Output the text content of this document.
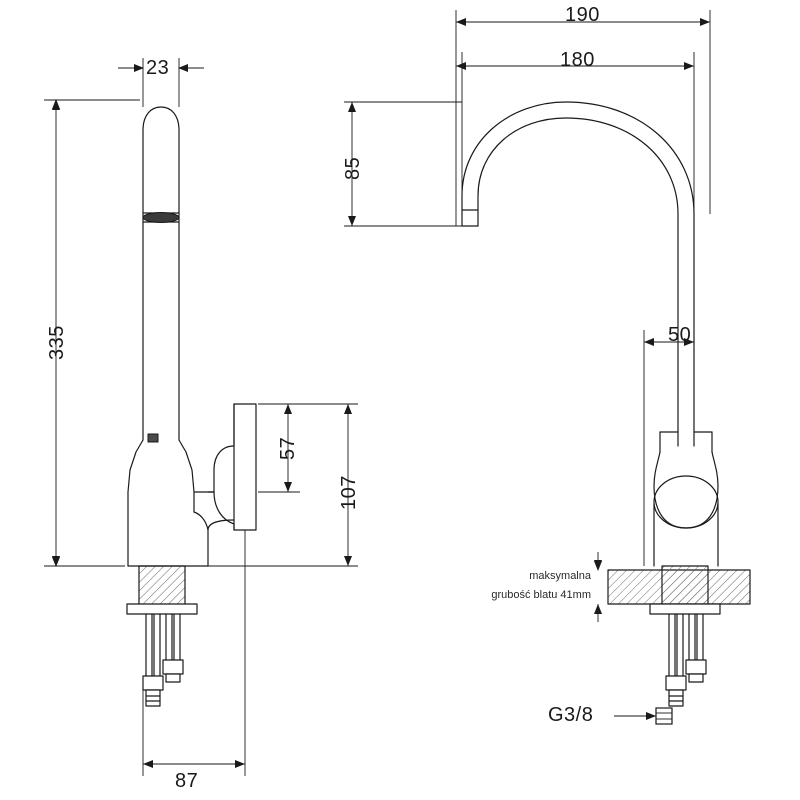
23
335
87
57
107
190
180
85
50
maksymalna
grubość blatu 41mm
G3/8
